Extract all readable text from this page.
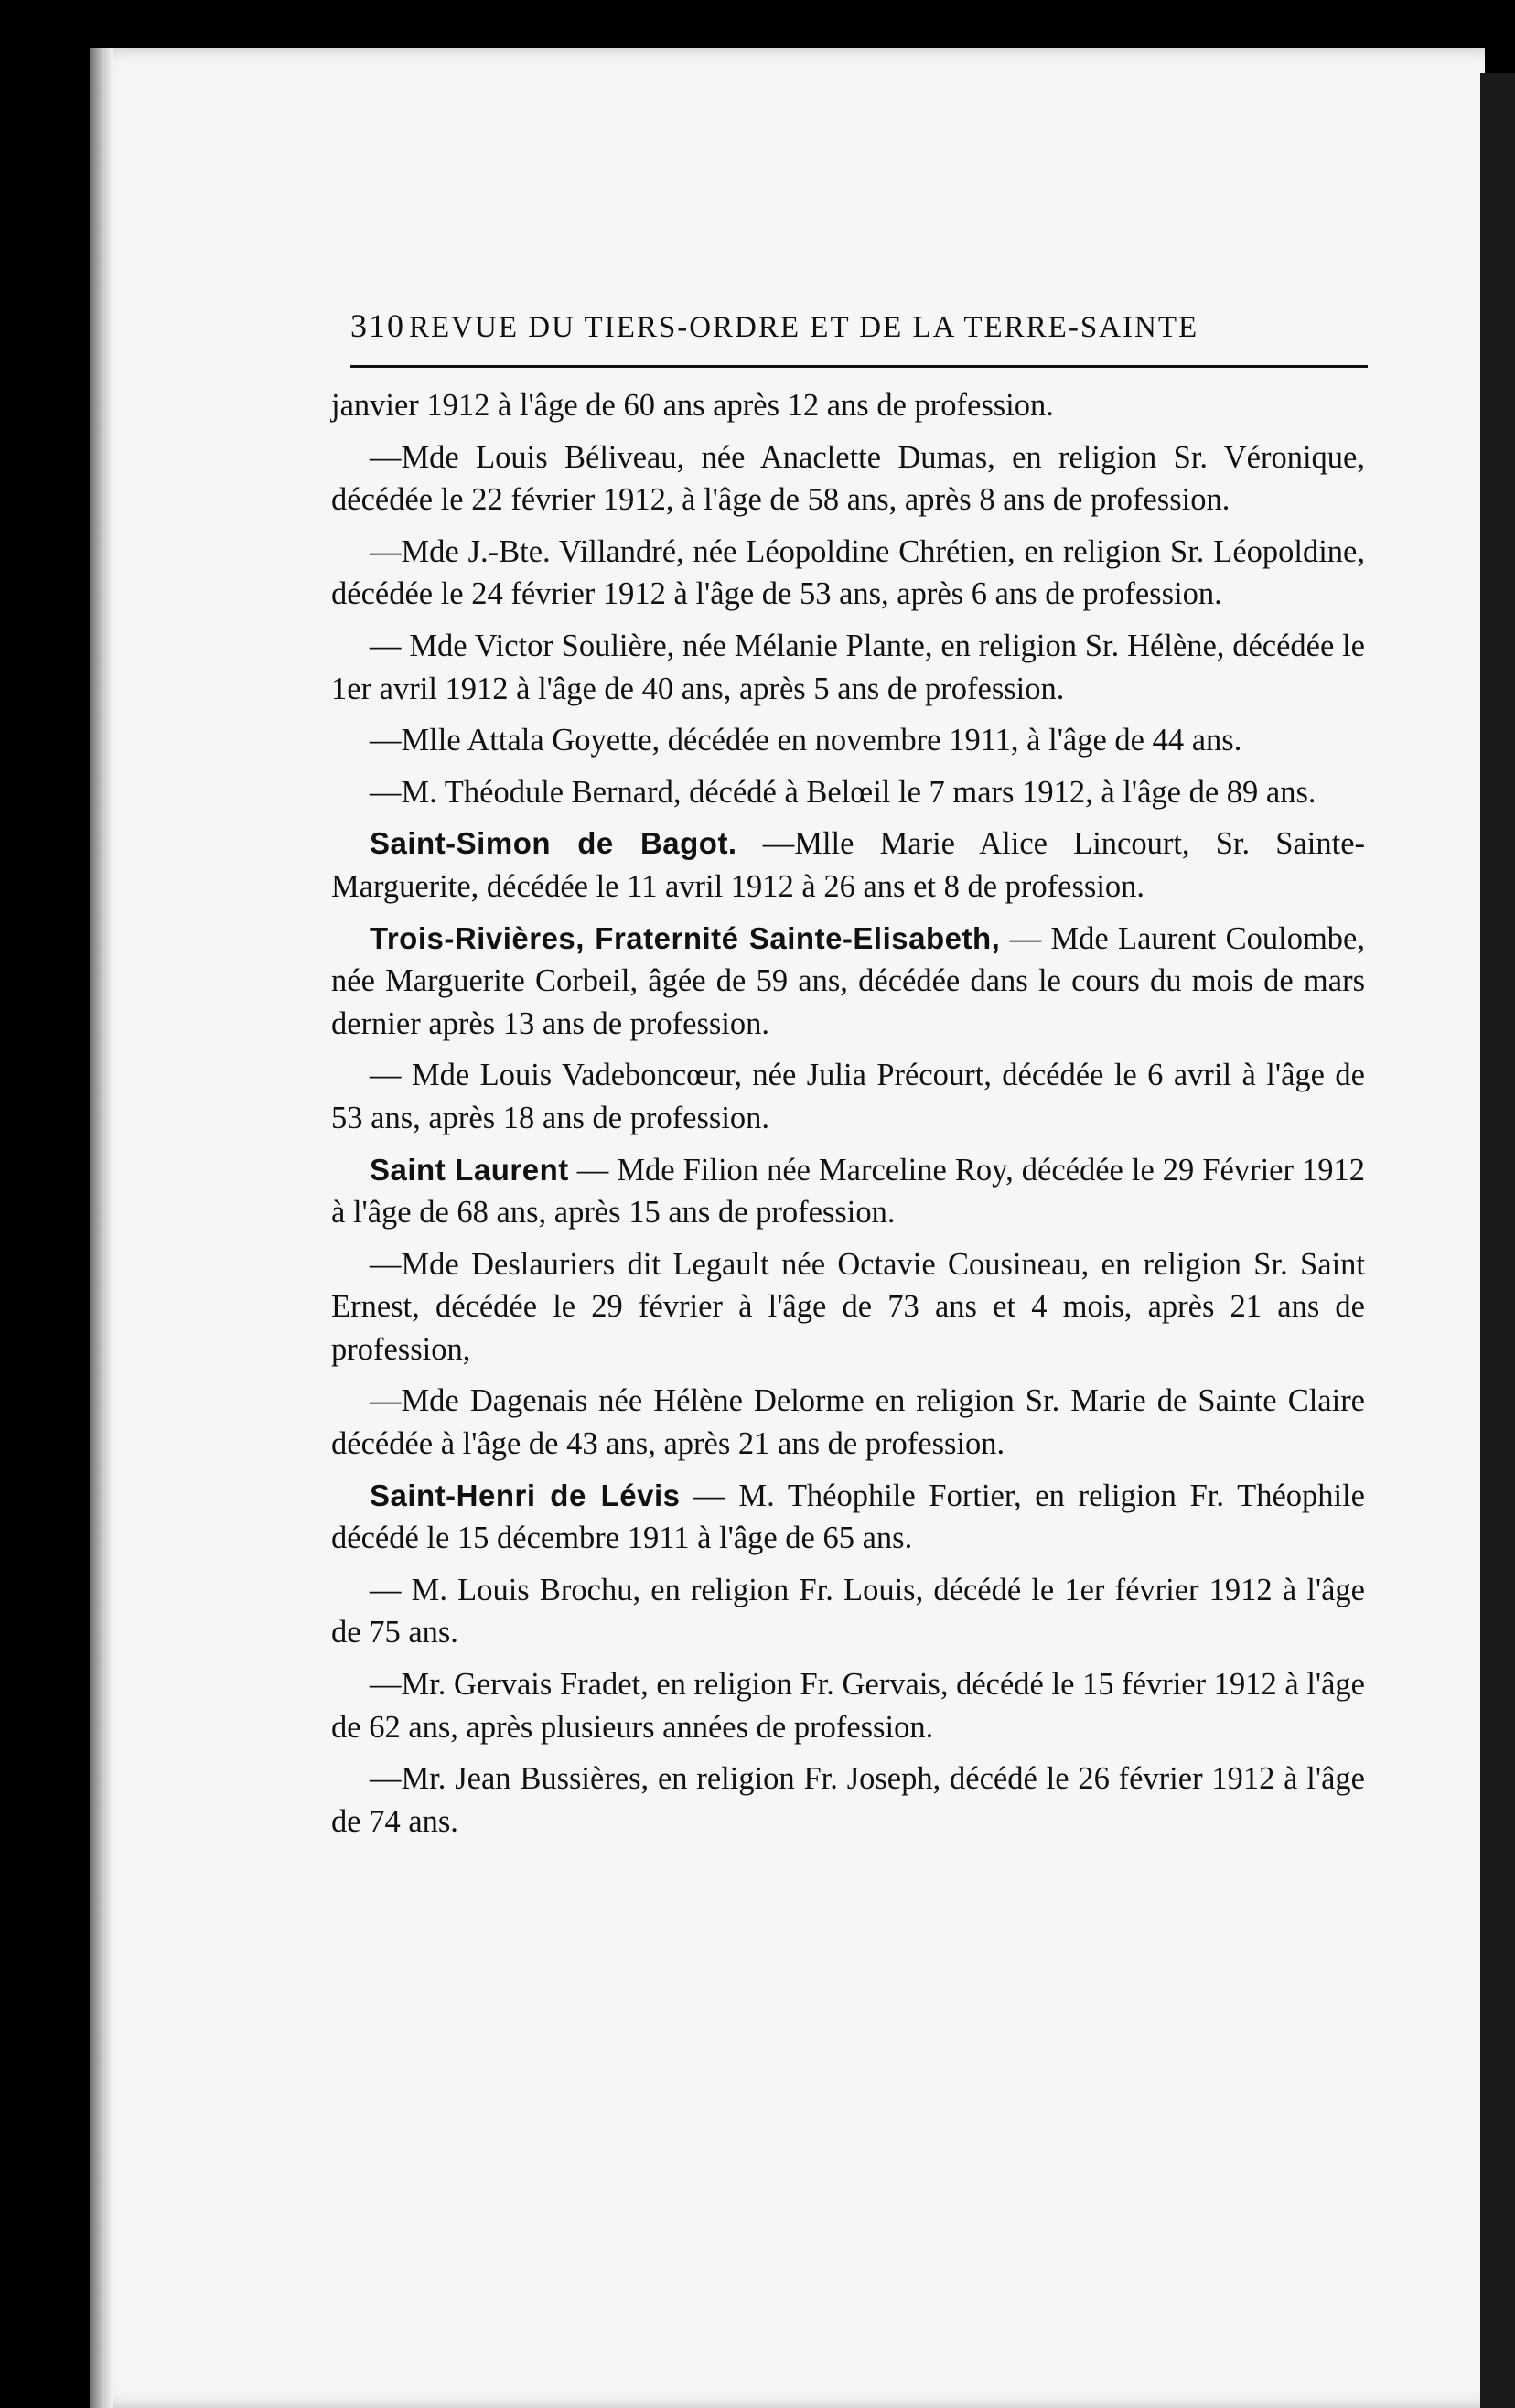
310 REVUE DU TIERS-ORDRE ET DE LA TERRE-SAINTE

janvier 1912 à l'âge de 60 ans après 12 ans de profession.

—Mde Louis Béliveau, née Anaclette Dumas, en religion Sr. Véronique, décédée le 22 février 1912, à l'âge de 58 ans, après 8 ans de profession.

—Mde J.-Bte. Villandré, née Léopoldine Chrétien, en religion Sr. Léopoldine, décédée le 24 février 1912 à l'âge de 53 ans, après 6 ans de profession.

— Mde Victor Soulière, née Mélanie Plante, en religion Sr. Hélène, décédée le 1er avril 1912 à l'âge de 40 ans, après 5 ans de profession.

—Mlle Attala Goyette, décédée en novembre 1911, à l'âge de 44 ans.

—M. Théodule Bernard, décédé à Belœil le 7 mars 1912, à l'âge de 89 ans.

Saint-Simon de Bagot. —Mlle Marie Alice Lincourt, Sr. Sainte-Marguerite, décédée le 11 avril 1912 à 26 ans et 8 de profession.

Trois-Rivières, Fraternité Sainte-Elisabeth, — Mde Laurent Coulombe, née Marguerite Corbeil, âgée de 59 ans, décédée dans le cours du mois de mars dernier après 13 ans de profession.

— Mde Louis Vadeboncœur, née Julia Précourt, décédée le 6 avril à l'âge de 53 ans, après 18 ans de profession.

Saint Laurent — Mde Filion née Marceline Roy, décédée le 29 Février 1912 à l'âge de 68 ans, après 15 ans de profession.

—Mde Deslauriers dit Legault née Octavie Cousineau, en religion Sr. Saint Ernest, décédée le 29 février à l'âge de 73 ans et 4 mois, après 21 ans de profession,

—Mde Dagenais née Hélène Delorme en religion Sr. Marie de Sainte Claire décédée à l'âge de 43 ans, après 21 ans de profession.

Saint-Henri de Lévis — M. Théophile Fortier, en religion Fr. Théophile décédé le 15 décembre 1911 à l'âge de 65 ans.

— M. Louis Brochu, en religion Fr. Louis, décédé le 1er février 1912 à l'âge de 75 ans.

—Mr. Gervais Fradet, en religion Fr. Gervais, décédé le 15 février 1912 à l'âge de 62 ans, après plusieurs années de profession.

—Mr. Jean Bussières, en religion Fr. Joseph, décédé le 26 février 1912 à l'âge de 74 ans.
